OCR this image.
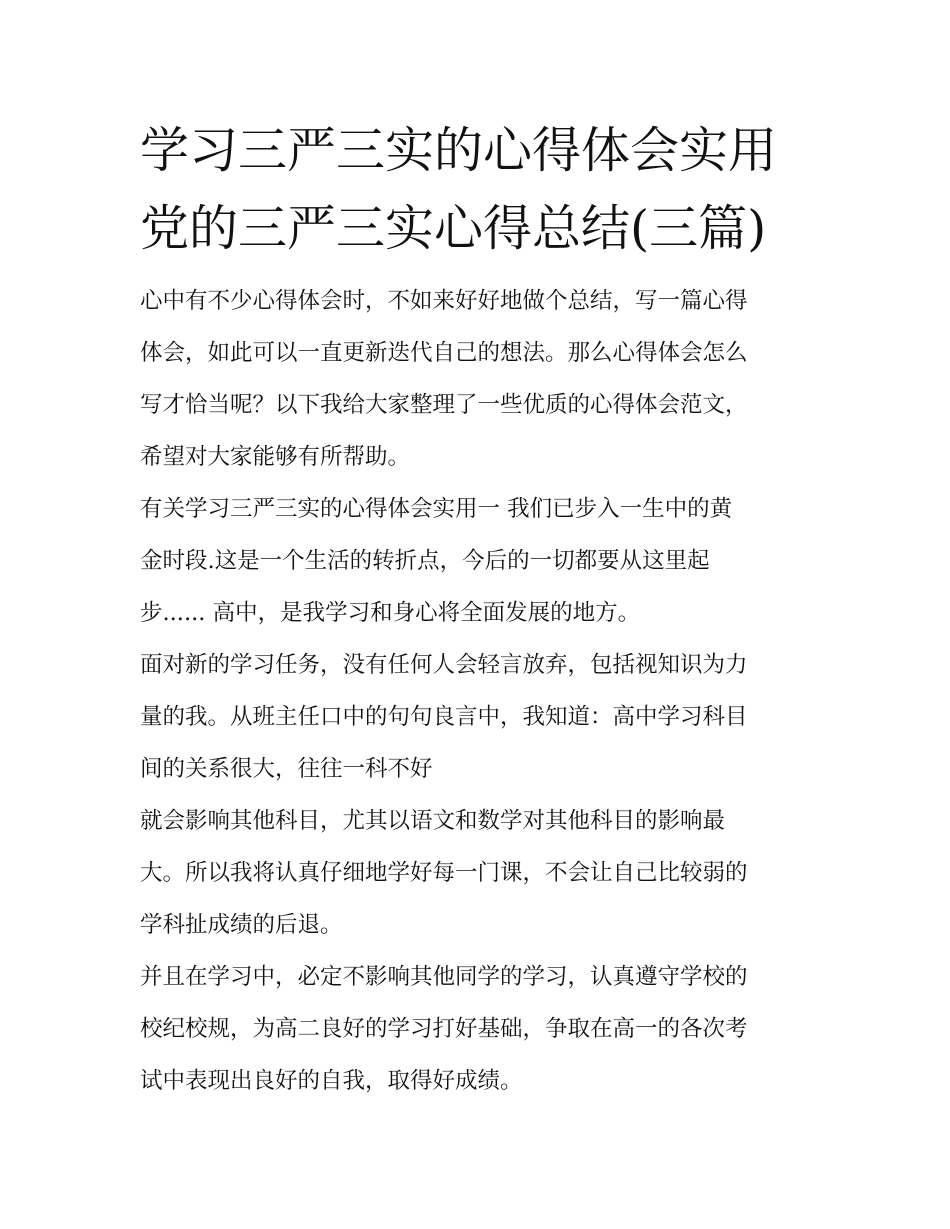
学习三严三实的心得体会实用
党的三严三实心得总结(三篇)
心中有不少心得体会时，不如来好好地做个总结，写一篇心得
体会，如此可以一直更新迭代自己的想法。那么心得体会怎么
写才恰当呢？以下我给大家整理了一些优质的心得体会范文，
希望对大家能够有所帮助。
有关学习三严三实的心得体会实用一 我们已步入一生中的黄
金时段.这是一个生活的转折点，今后的一切都要从这里起
步...... 高中，是我学习和身心将全面发展的地方。
面对新的学习任务，没有任何人会轻言放弃，包括视知识为力
量的我。从班主任口中的句句良言中，我知道：高中学习科目
间的关系很大，往往一科不好
就会影响其他科目，尤其以语文和数学对其他科目的影响最
大。所以我将认真仔细地学好每一门课，不会让自己比较弱的
学科扯成绩的后退。
并且在学习中，必定不影响其他同学的学习，认真遵守学校的
校纪校规，为高二良好的学习打好基础，争取在高一的各次考
试中表现出良好的自我，取得好成绩。
